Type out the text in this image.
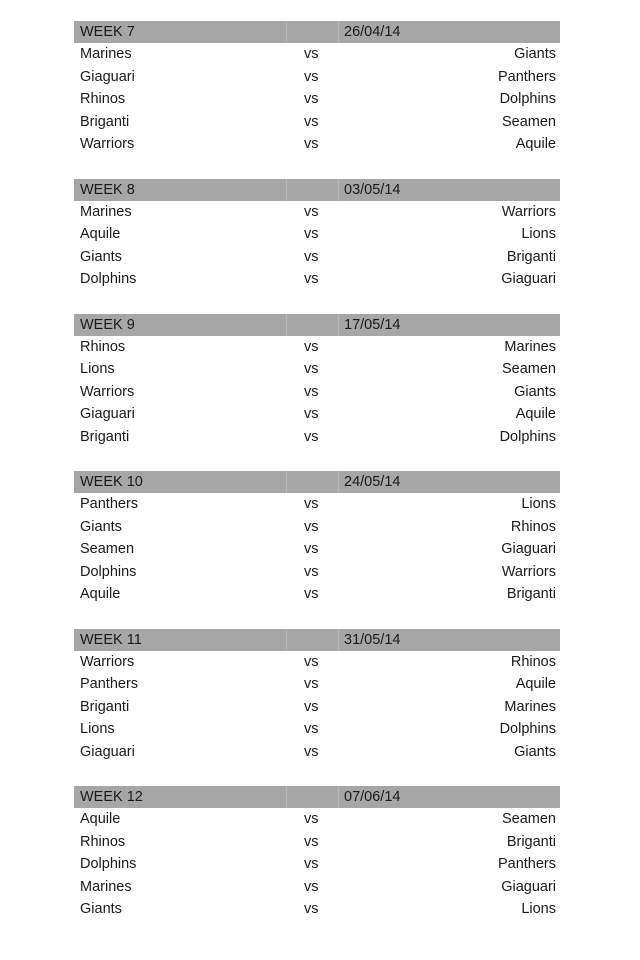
WEEK 7	26/04/14
Marines	vs	Giants
Giaguari	vs	Panthers
Rhinos	vs	Dolphins
Briganti	vs	Seamen
Warriors	vs	Aquile
WEEK 8	03/05/14
Marines	vs	Warriors
Aquile	vs	Lions
Giants	vs	Briganti
Dolphins	vs	Giaguari
WEEK 9	17/05/14
Rhinos	vs	Marines
Lions	vs	Seamen
Warriors	vs	Giants
Giaguari	vs	Aquile
Briganti	vs	Dolphins
WEEK 10	24/05/14
Panthers	vs	Lions
Giants	vs	Rhinos
Seamen	vs	Giaguari
Dolphins	vs	Warriors
Aquile	vs	Briganti
WEEK 11	31/05/14
Warriors	vs	Rhinos
Panthers	vs	Aquile
Briganti	vs	Marines
Lions	vs	Dolphins
Giaguari	vs	Giants
WEEK 12	07/06/14
Aquile	vs	Seamen
Rhinos	vs	Briganti
Dolphins	vs	Panthers
Marines	vs	Giaguari
Giants	vs	Lions
